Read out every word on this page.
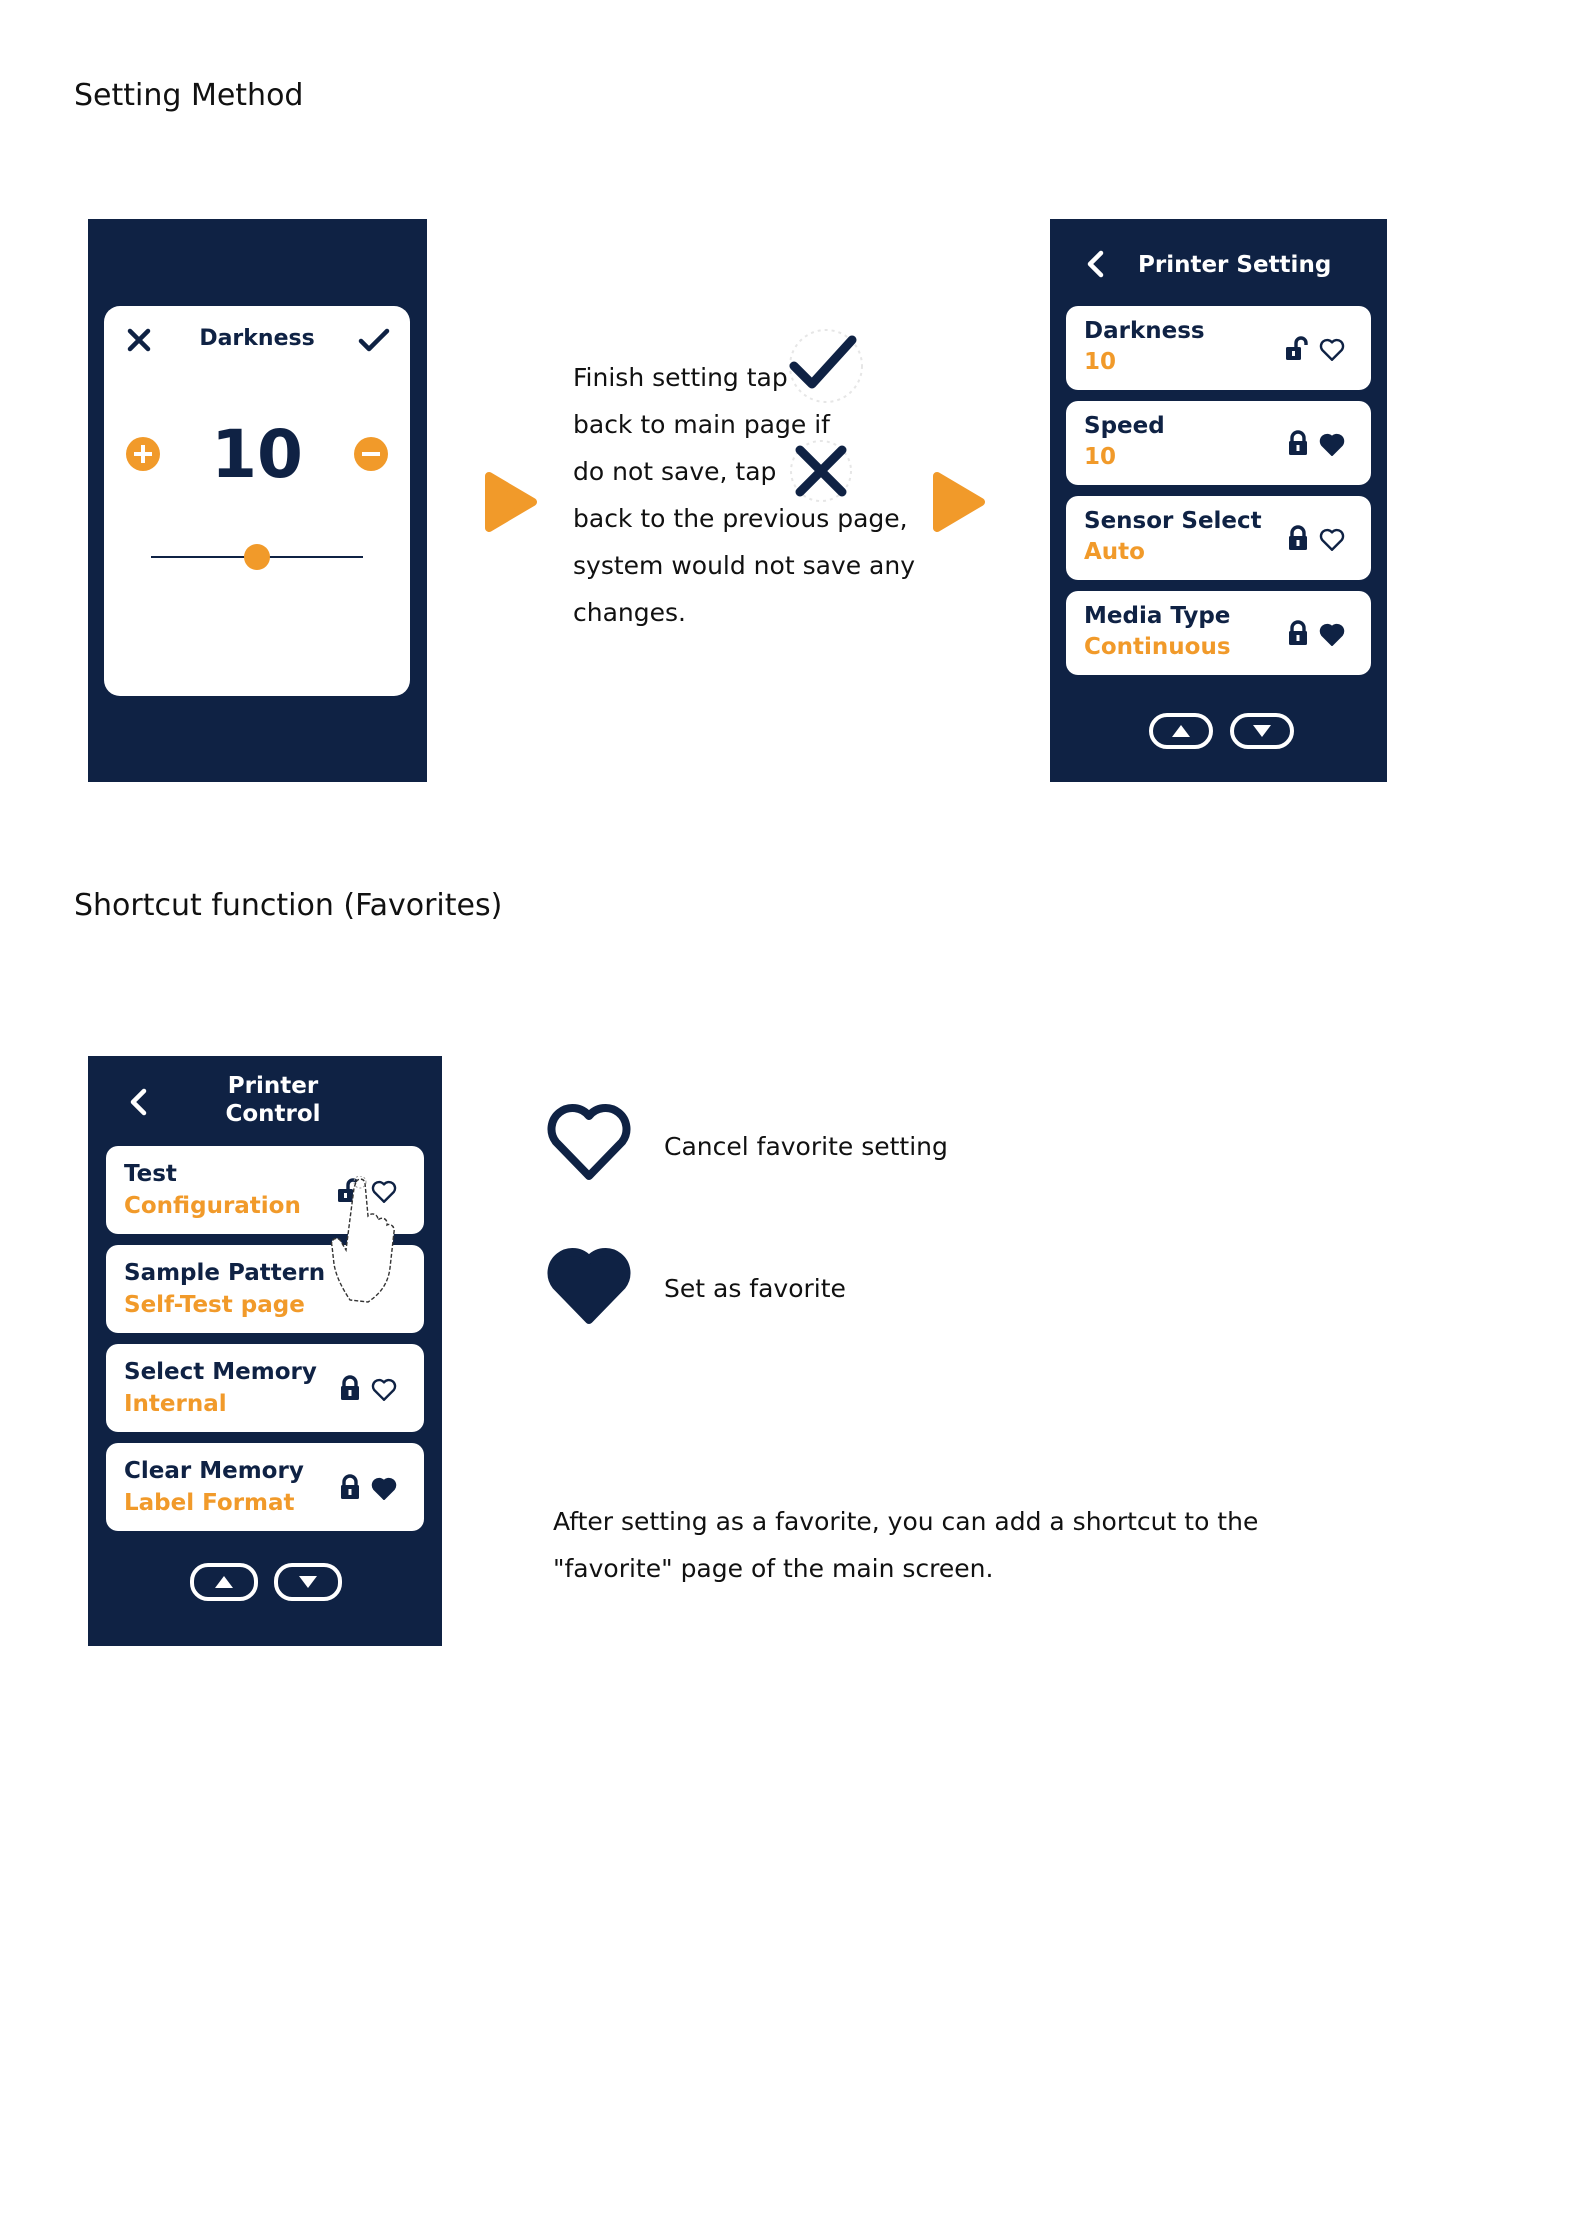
Setting Method
Darkness
10
Finish setting tap
back to main page if
do not save, tap
back to the previous page,
system would not save any
changes.
Printer Setting
Darkness
10
Speed
10
Sensor Select
Auto
Media Type
Continuous
Shortcut function (Favorites)
Printer
Control
Test
Configuration
Sample Pattern
Self-Test page
Select Memory
Internal
Clear Memory
Label Format
Cancel favorite setting
Set as favorite
After setting as a favorite, you can add a shortcut to the
"favorite" page of the main screen.
